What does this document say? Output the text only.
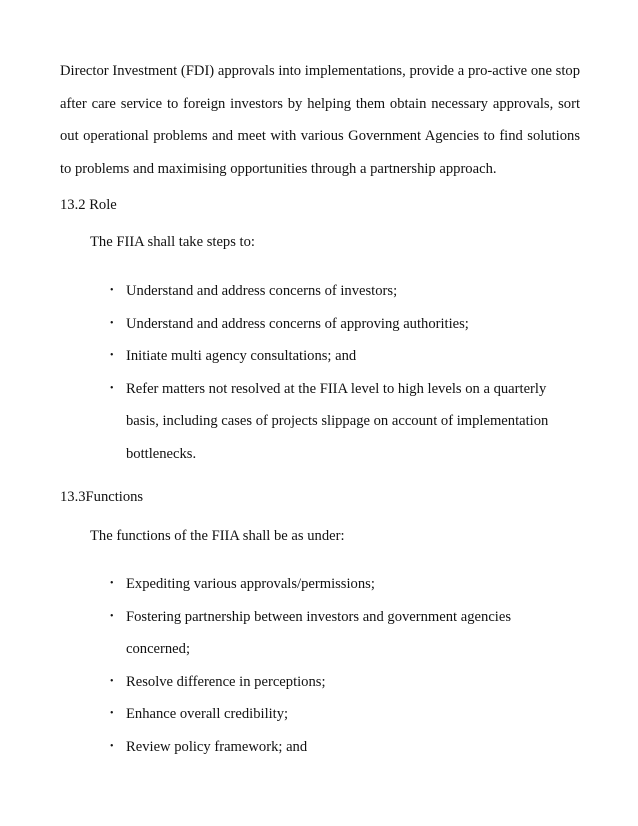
Director Investment (FDI) approvals into implementations, provide a pro-active one stop
after care service to foreign investors by helping them obtain necessary approvals, sort
out operational problems and meet with various Government Agencies to find solutions
to problems and maximising opportunities through a partnership approach.

13.2 Role

The FIIA shall take steps to:

• Understand and address concerns of investors;
• Understand and address concerns of approving authorities;
• Initiate multi agency consultations; and
• Refer matters not resolved at the FIIA level to high levels on a quarterly
basis, including cases of projects slippage on account of implementation
bottlenecks.
13.3Functions

The functions of the FIIA shall be as under:

• Expediting various approvals/permissions;
• Fostering partnership between investors and government agencies
concerned;
• Resolve difference in perceptions;
• Enhance overall credibility;
• Review policy framework; and
